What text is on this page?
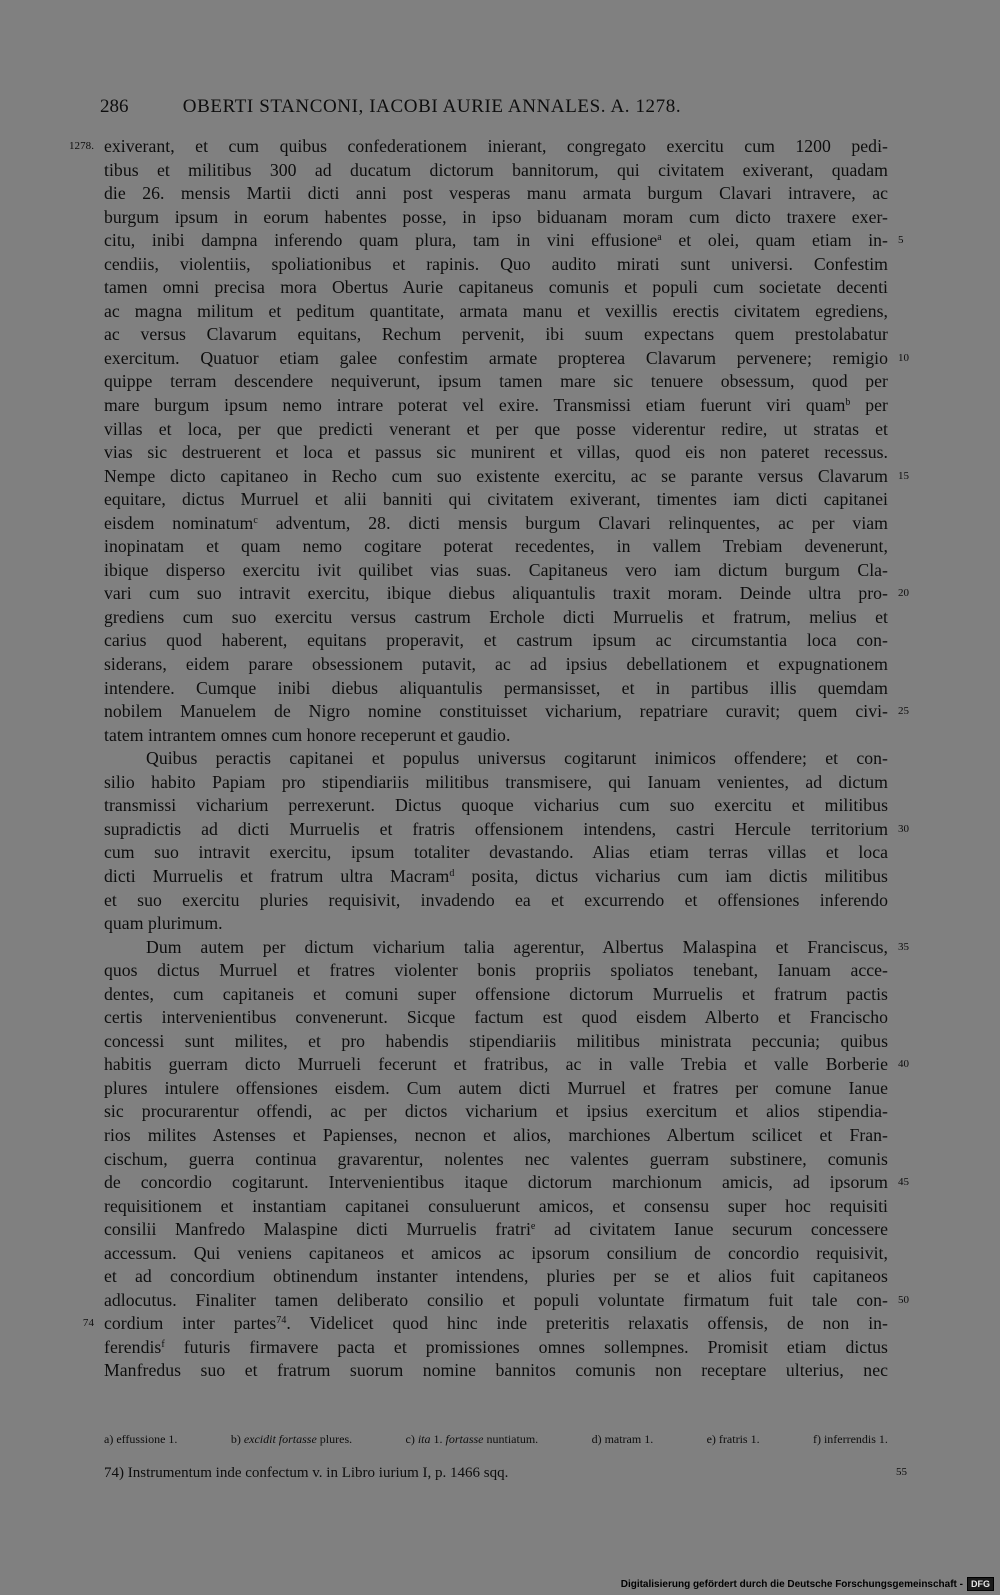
286	OBERTI STANCONI, IACOBI AURIE ANNALES. A. 1278.
exiverant, et cum quibus confederationem inierant, congregato exercitu cum 1200 pedi-
1278.
tibus et militibus 300 ad ducatum dictorum bannitorum, qui civitatem exiverant, quadam
die 26. mensis Martii dicti anni post vesperas manu armata burgum Clavari intravere, ac
burgum ipsum in eorum habentes posse, in ipso biduanam moram cum dicto traxere exer-
citu, inibi dampna inferendo quam plura, tam in vini effusione$^a$ et olei, quam etiam in- 5
cendiis, violentiis, spoliationibus et rapinis. Quo audito mirati sunt universi. Confestim
tamen omni precisa mora Obertus Aurie capitaneus comunis et populi cum societate decenti
ac magna militum et peditum quantitate, armata manu et vexillis erectis civitatem egrediens,
ac versus Clavarum equitans, Rechum pervenit, ibi suum expectans quem prestolabatur
exercitum. Quatuor etiam galee confestim armate propterea Clavarum pervenere; remigio 10
quippe terram descendere nequiverunt, ipsum tamen mare sic tenuere obsessum, quod per
mare burgum ipsum nemo intrare poterat vel exire. Transmissi etiam fuerunt viri quam$^b$ per
villas et loca, per que predicti venerant et per que posse viderentur redire, ut stratas et
vias sic destruerent et loca et passus sic munirent et villas, quod eis non pateret recessus.
Nempe dicto capitaneo in Recho cum suo existente exercitu, ac se parante versus Clavarum 15
equitare, dictus Murruel et alii banniti qui civitatem exiverant, timentes iam dicti capitanei
eisdem nominatum$^c$ adventum, 28. dicti mensis burgum Clavari relinquentes, ac per viam
inopinatam et quam nemo cogitare poterat recedentes, in vallem Trebiam devenerunt,
ibique disperso exercitu ivit quilibet vias suas. Capitaneus vero iam dictum burgum Cla-
vari cum suo intravit exercitu, ibique diebus aliquantulis traxit moram. Deinde ultra pro- 20
grediens cum suo exercitu versus castrum Erchole dicti Murruelis et fratrum, melius et
carius quod haberent, equitans properavit, et castrum ipsum ac circumstantia loca con-
siderans, eidem parare obsessionem putavit, ac ad ipsius debellationem et expugnationem
intendere. Cumque inibi diebus aliquantulis permansisset, et in partibus illis quemdam
nobilem Manuelem de Nigro nomine constituisset vicharium, repatriare curavit; quem civi- 25
tatem intrantem omnes cum honore receperunt et gaudio.
Quibus peractis capitanei et populus universus cogitarunt inimicos offendere; et con-
silio habito Papiam pro stipendiariis militibus transmisere, qui Ianuam venientes, ad dictum
transmissi vicharium perrexerunt. Dictus quoque vicharius cum suo exercitu et militibus
supradictis ad dicti Murruelis et fratris offensionem intendens, castri Hercule territorium 30
cum suo intravit exercitu, ipsum totaliter devastando. Alias etiam terras villas et loca
dicti Murruelis et fratrum ultra Macram$^d$ posita, dictus vicharius cum iam dictis militibus
et suo exercitu pluries requisivit, invadendo ea et excurrendo et offensiones inferendo
quam plurimum.
Dum autem per dictum vicharium talia agerentur, Albertus Malaspina et Franciscus, 35
quos dictus Murruel et fratres violenter bonis propriis spoliatos tenebant, Ianuam acce-
dentes, cum capitaneis et comuni super offensione dictorum Murruelis et fratrum pactis
certis intervenientibus convenerunt. Sicque factum est quod eisdem Alberto et Francischo
concessi sunt milites, et pro habendis stipendiariis militibus ministrata peccunia; quibus
habitis guerram dicto Murrueli fecerunt et fratribus, ac in valle Trebia et valle Borberie 40
plures intulere offensiones eisdem. Cum autem dicti Murruel et fratres per comune Ianue
sic procurarentur offendi, ac per dictos vicharium et ipsius exercitum et alios stipendia-
rios milites Astenses et Papienses, necnon et alios, marchiones Albertum scilicet et Fran-
cischum, guerra continua gravarentur, nolentes nec valentes guerram substinere, comunis
de concordio cogitarunt. Intervenientibus itaque dictorum marchionum amicis, ad ipsorum 45
requisitionem et instantiam capitanei consuluerunt amicos, et consensu super hoc requisiti
consilii Manfredo Malaspine dicti Murruelis fratri$^e$ ad civitatem Ianue securum concessere
accessum. Qui veniens capitaneos et amicos ac ipsorum consilium de concordio requisivit,
et ad concordium obtinendum instanter intendens, pluries per se et alios fuit capitaneos
adlocutus. Finaliter tamen deliberato consilio et populi voluntate firmatum fuit tale con- 50
cordium inter partes$^{74}$. Videlicet quod hinc inde preteritis relaxatis offensis, de non in-
74
ferendis$^f$ futuris firmavere pacta et promissiones omnes sollempnes. Promisit etiam dictus
Manfredus suo et fratrum suorum nomine bannitos comunis non receptare ulterius, nec
a) effussione 1.	b) excidit fortasse plures.	c) ita 1. fortasse nuntiatum.	d) matram 1.	e) fratris 1.	f) inferrendis 1.
74) Instrumentum inde confectum v. in Libro iurium I, p. 1466 sqq.	55
Digitalisierung gefördert durch die Deutsche Forschungsgemeinschaft - DFG
